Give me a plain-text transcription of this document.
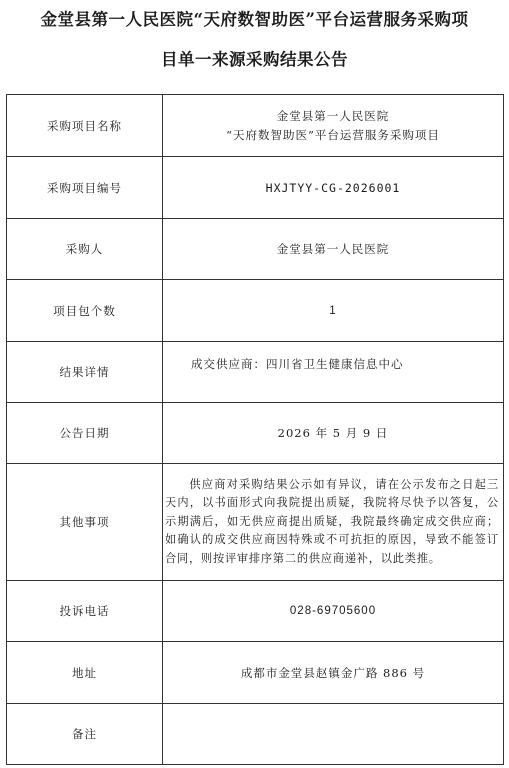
金堂县第一人民医院“天府数智助医”平台运营服务采购项
目单一来源采购结果公告
采购项目名称	金堂县第一人民医院
“天府数智助医”平台运营服务采购项目

采购项目编号	HXJTYY-CG-2026001
采购人	金堂县第一人民医院
项目包个数	1
结果详情	成交供应商：四川省卫生健康信息中心

公告日期	2026 年 5 月 9 日
其他事项	供应商对采购结果公示如有异议，请在公示发布之日起三天内，以书面形式向我院提出质疑，我院将尽快予以答复，公示期满后，如无供应商提出质疑，我院最终确定成交供应商；如确认的成交供应商因特殊或不可抗拒的原因，导致不能签订合同，则按评审排序第二的供应商递补，以此类推。

投诉电话	028-69705600
地址	成都市金堂县赵镇金广路 886 号
备注	
